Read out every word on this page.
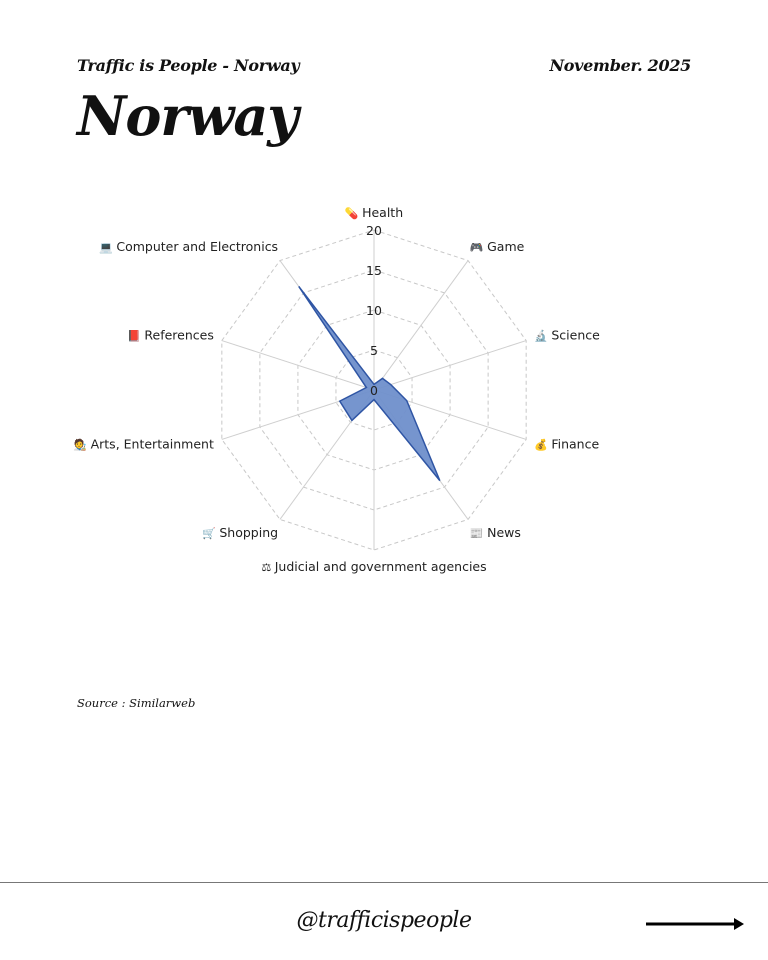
Traffic is People - Norway	November. 2025
Norway
0
5
10
15
20
💊 Health
🎮 Game
🔬 Science
💰 Finance
📰 News
⚖ Judicial and government agencies
🛒 Shopping
🧑‍🎨 Arts, Entertainment
📕 References
💻 Computer and Electronics
Source : Similarweb
@trafficispeople
